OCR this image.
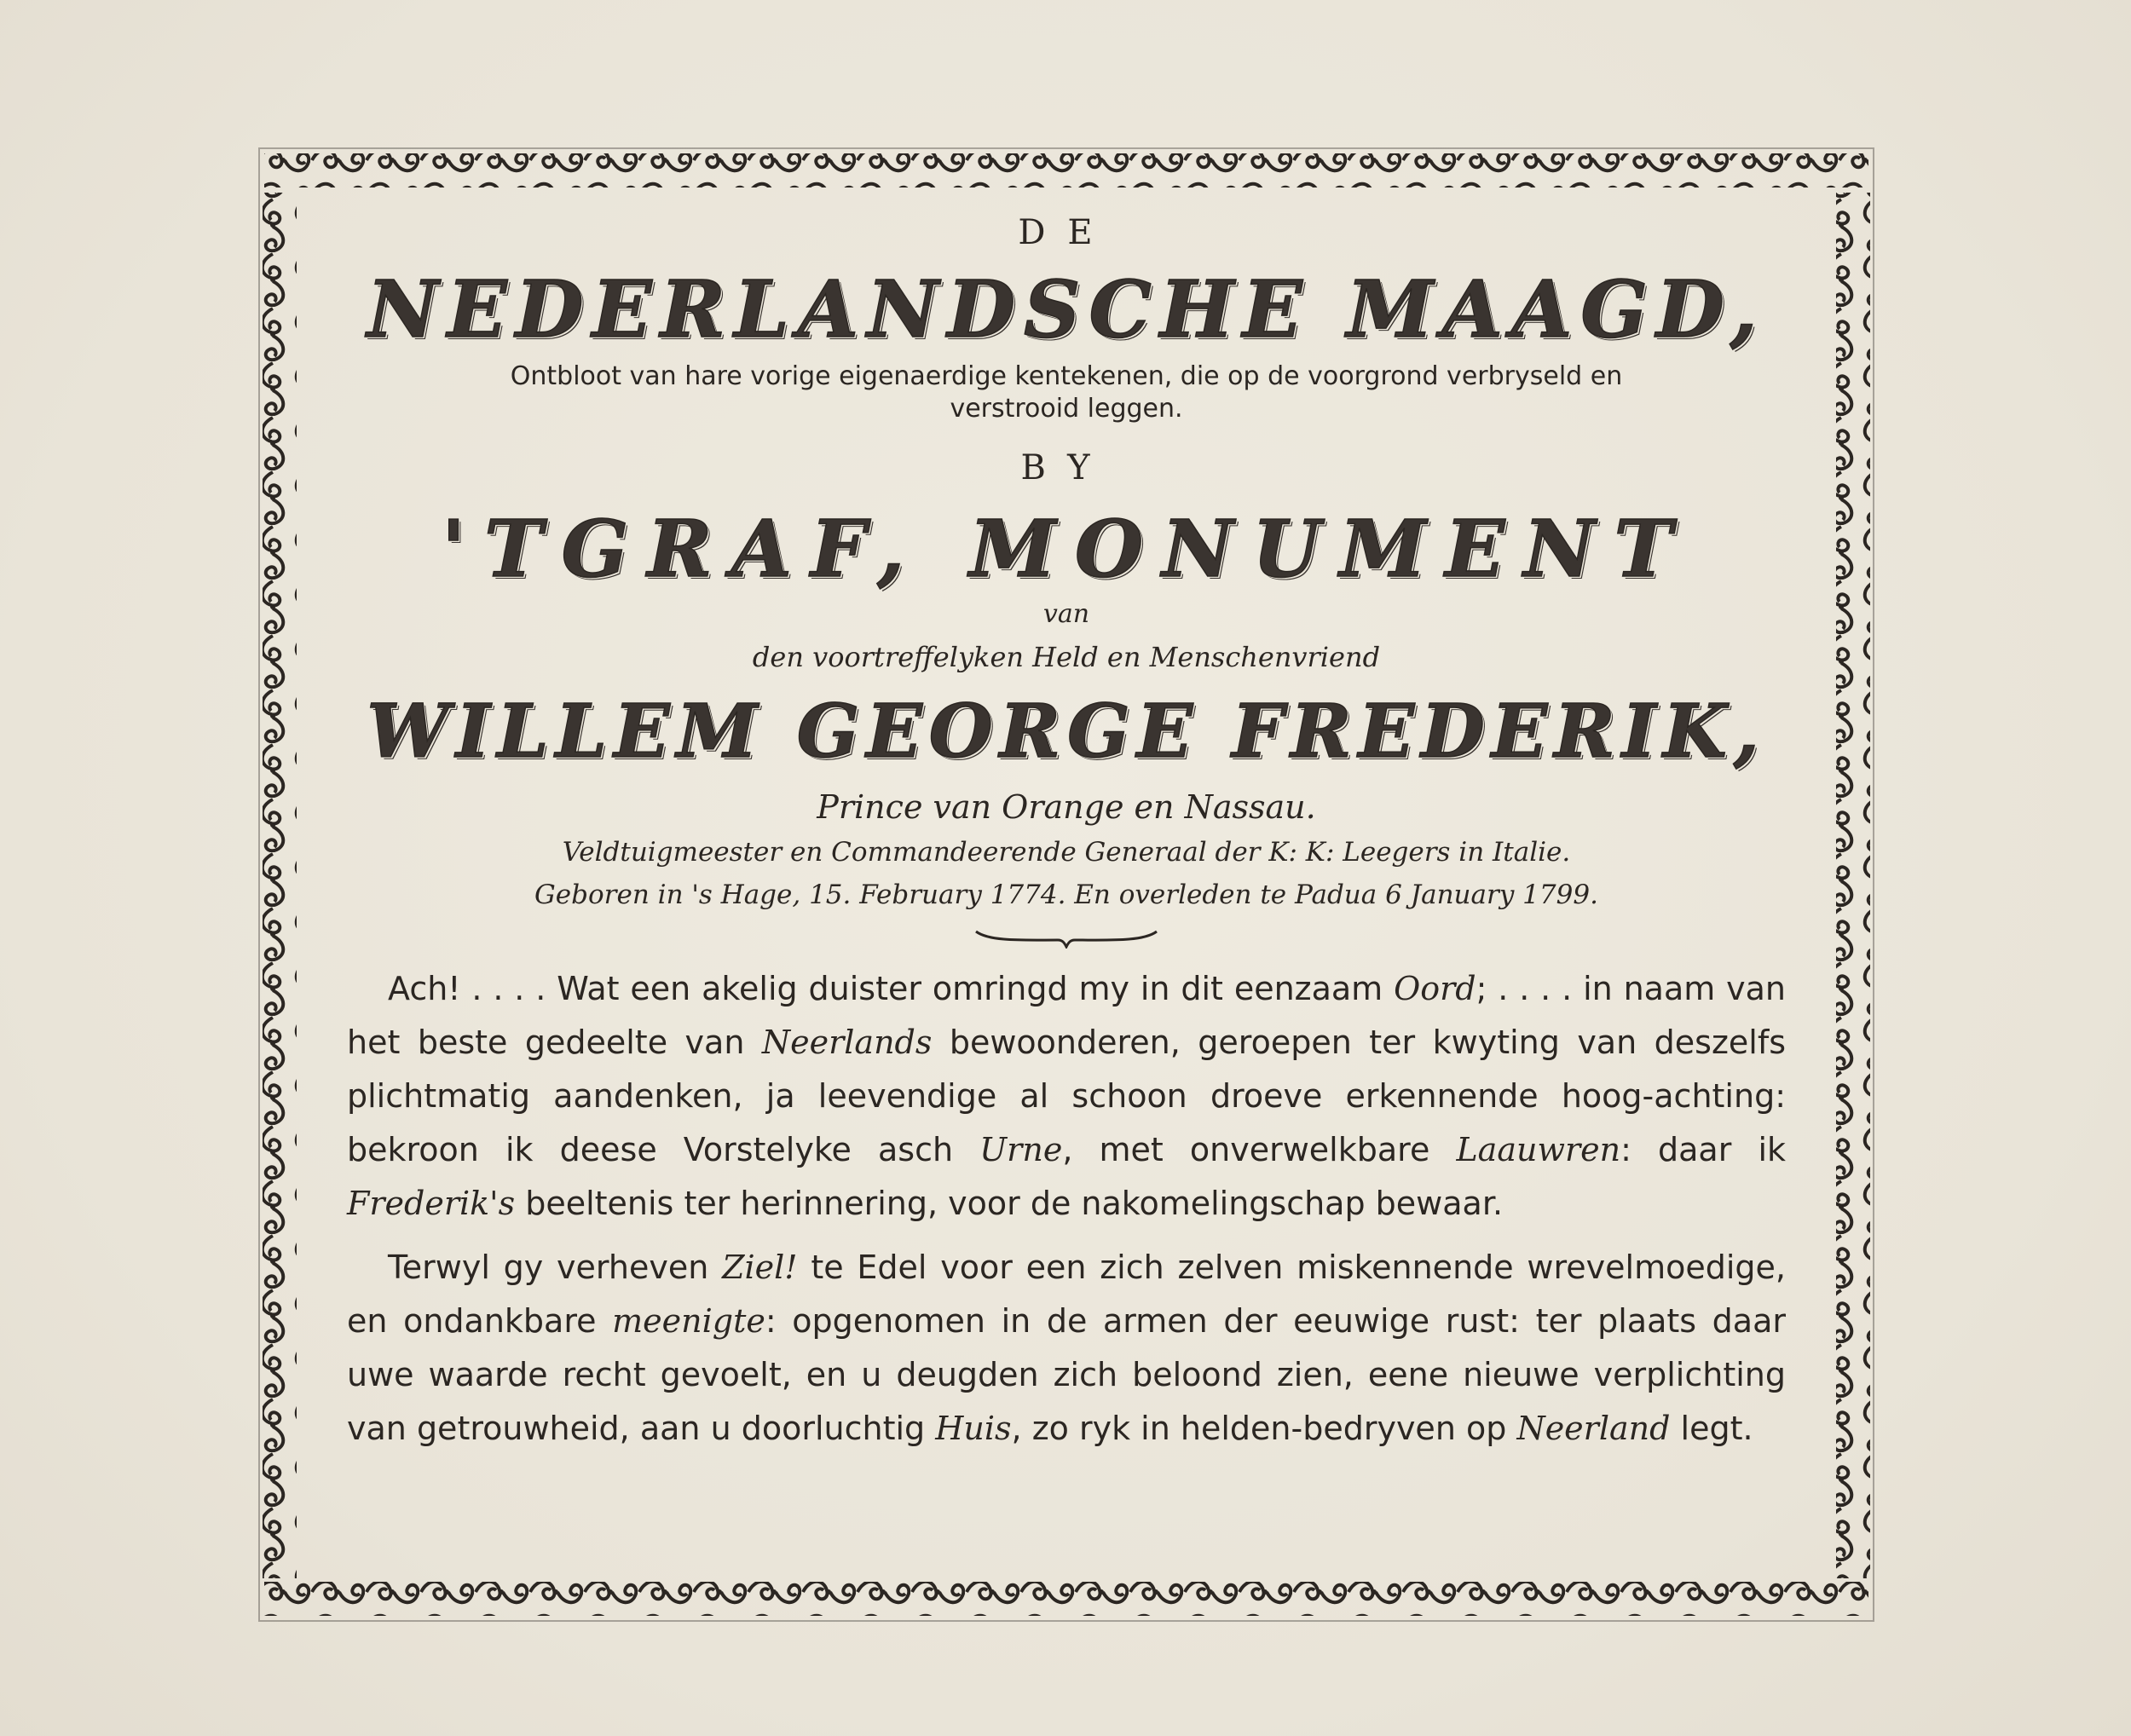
DE
NEDERLANDSCHE MAAGD,
Ontbloot van hare vorige eigenaerdige kentekenen, die op de voorgrond verbryseld en verstrooid leggen.
BY
'TGRAF, MONUMENT
van
den voortreffelyken Held en Menschenvriend
WILLEM GEORGE FREDERIK,
Prince van Orange en Nassau.
Veldtuigmeester en Commandeerende Generaal der K: K: Leegers in Italie.
Geboren in 's Hage, 15. February 1774. En overleden te Padua 6 January 1799.

Ach! . . . . Wat een akelig duister omringd my in dit eenzaam Oord; . . . . in naam van het beste gedeelte van Neerlands bewoonderen, geroepen ter kwyting van deszelfs plichtmatig aandenken, ja leevendige al schoon droeve erkennende hoog-achting: bekroon ik deese Vorstelyke asch Urne, met onverwelkbare Laauwren: daar ik Frederik's beeltenis ter herinnering, voor de nakomelingschap bewaar.

Terwyl gy verheven Ziel! te Edel voor een zich zelven miskennende wrevelmoedige, en ondankbare meenigte: opgenomen in de armen der eeuwige rust: ter plaats daar uwe waarde recht gevoelt, en u deugden zich beloond zien, eene nieuwe verplichting van getrouwheid, aan u doorluchtig Huis, zo ryk in helden-bedryven op Neerland legt.
